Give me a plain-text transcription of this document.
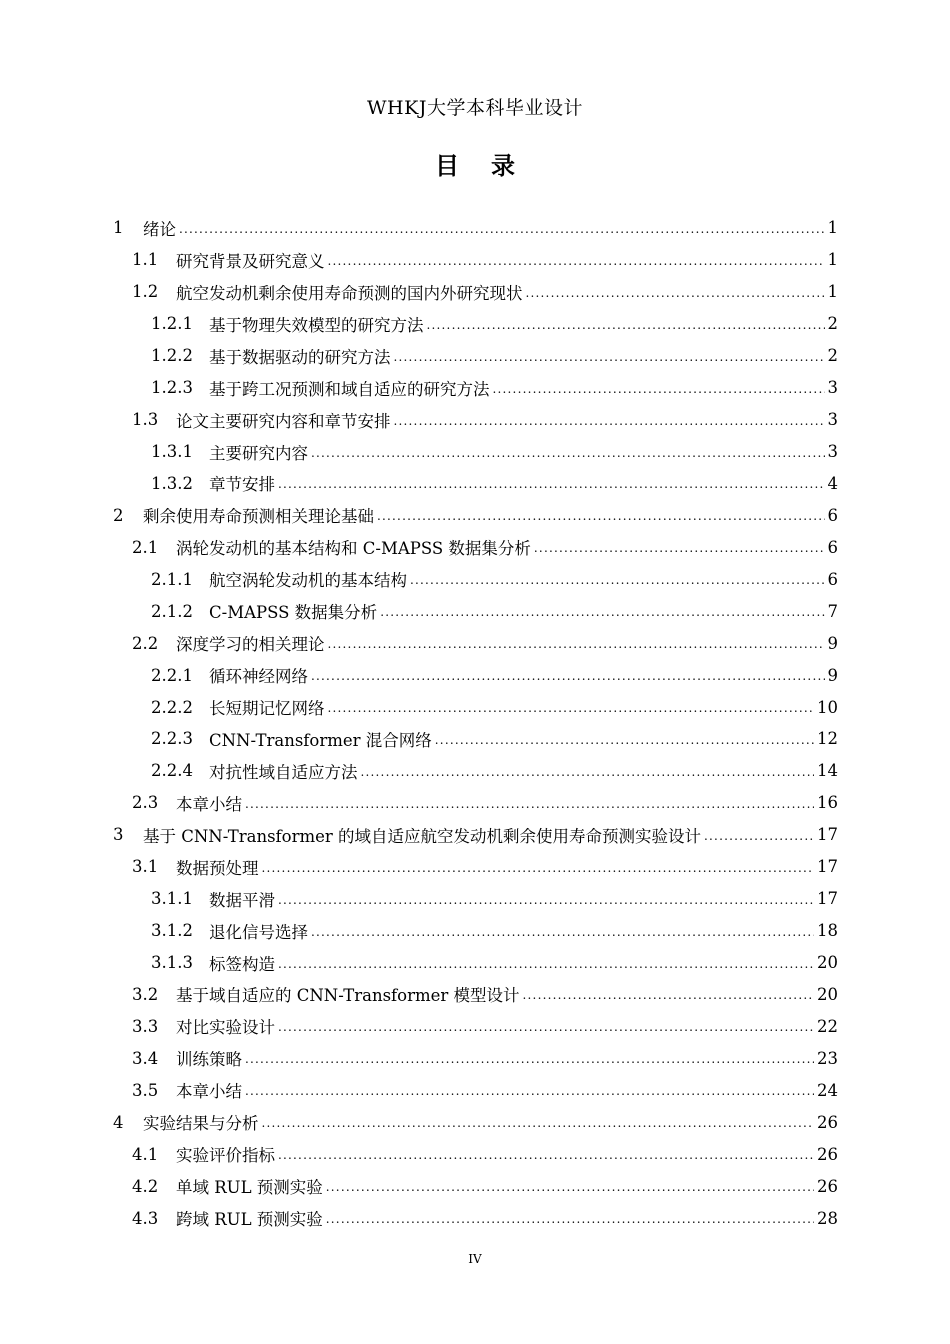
WHKJ大学本科毕业设计
目录
1	绪论 .....	1
1.1	研究背景及研究意义 .....	1
1.2	航空发动机剩余使用寿命预测的国内外研究现状 .....	1
1.2.1 基于物理失效模型的研究方法 .....	2
1.2.2 基于数据驱动的研究方法 .....	2
1.2.3 基于跨工况预测和域自适应的研究方法 .....	3
1.3	论文主要研究内容和章节安排 .....	3
1.3.1 主要研究内容 .....	3
1.3.2 章节安排 .....	4
2	剩余使用寿命预测相关理论基础 .....	6
2.1	涡轮发动机的基本结构和 C-MAPSS 数据集分析 .....	6
2.1.1 航空涡轮发动机的基本结构 .....	6
2.1.2 C-MAPSS 数据集分析 .....	7
2.2	深度学习的相关理论 .....	9
2.2.1 循环神经网络 .....	9
2.2.2 长短期记忆网络 .....	10
2.2.3 CNN-Transformer 混合网络 .....	12
2.2.4 对抗性域自适应方法 .....	14
2.3	本章小结 .....	16
3	基于 CNN-Transformer 的域自适应航空发动机剩余使用寿命预测实验设计 .....	17
3.1	数据预处理 .....	17
3.1.1 数据平滑 .....	17
3.1.2 退化信号选择 .....	18
3.1.3 标签构造 .....	20
3.2	基于域自适应的 CNN-Transformer 模型设计 .....	20
3.3	对比实验设计 .....	22
3.4	训练策略 .....	23
3.5	本章小结 .....	24
4	实验结果与分析 .....	26
4.1	实验评价指标 .....	26
4.2	单域 RUL 预测实验 .....	26
4.3	跨域 RUL 预测实验 .....	28
IV
